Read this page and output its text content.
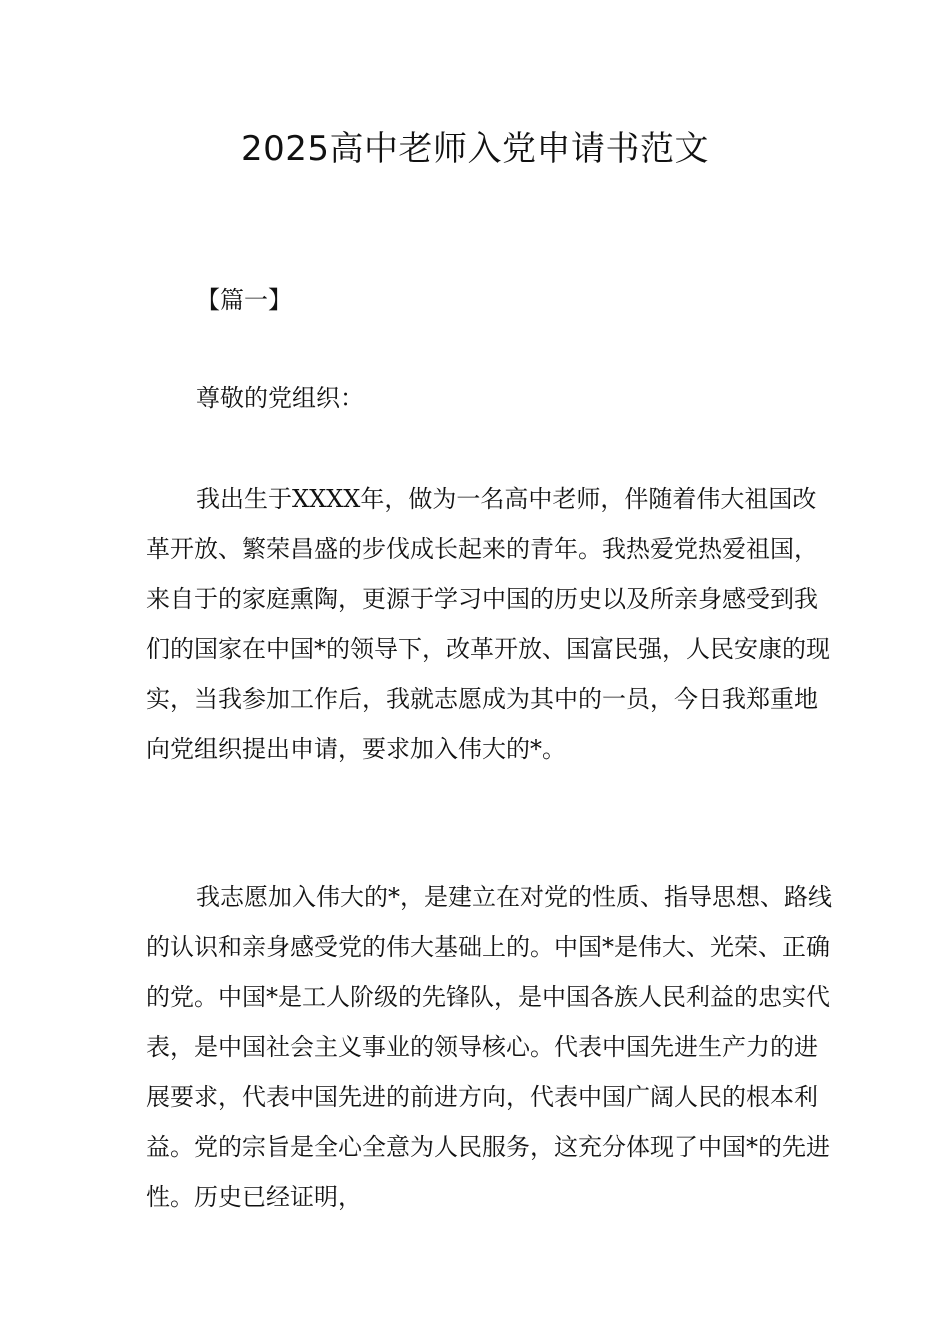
2025高中老师入党申请书范文

【篇一】

尊敬的党组织：

我出生于XXXX年，做为一名高中老师，伴随着伟大祖国改革开放、繁荣昌盛的步伐成长起来的青年。我热爱党热爱祖国，来自于的家庭熏陶，更源于学习中国的历史以及所亲身感受到我们的国家在中国*的领导下，改革开放、国富民强，人民安康的现实，当我参加工作后，我就志愿成为其中的一员，今日我郑重地向党组织提出申请，要求加入伟大的*。

我志愿加入伟大的*，是建立在对党的性质、指导思想、路线的认识和亲身感受党的伟大基础上的。中国*是伟大、光荣、正确的党。中国*是工人阶级的先锋队，是中国各族人民利益的忠实代表，是中国社会主义事业的领导核心。代表中国先进生产力的进展要求，代表中国先进的前进方向，代表中国广阔人民的根本利益。党的宗旨是全心全意为人民服务，这充分体现了中国*的先进性。历史已经证明，
